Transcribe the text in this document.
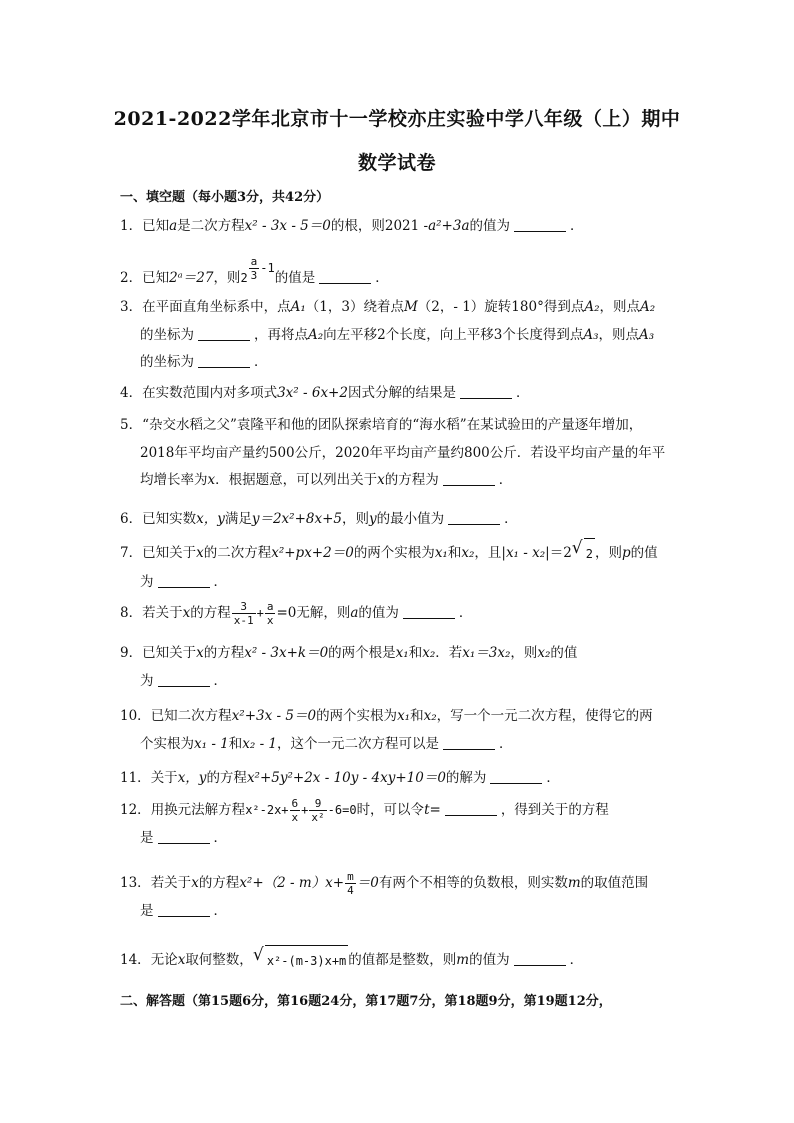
2021-2022学年北京市十一学校亦庄实验中学八年级（上）期中
数学试卷
一、填空题（每小题3分，共42分）
1．已知a是二次方程x² - 3x - 5＝0的根，则2021 -a²+3a的值为	．
2．已知2ᵃ＝27，则$2 \frac{a}{3} -1$的值是	．
3．在平面直角坐标系中，点A₁（1，3）绕着点M（2，- 1）旋转180°得到点A₂，则点A₂
的坐标为	，再将点A₂向左平移2个长度，向上平移3个长度得到点A₃，则点A₃
的坐标为	．
4．在实数范围内对多项式3x² - 6x+2因式分解的结果是	．
5．“杂交水稻之父”袁隆平和他的团队探索培育的“海水稻”在某试验田的产量逐年增加，
2018年平均亩产量约500公斤，2020年平均亩产量约800公斤．若设平均亩产量的年平
均增长率为x．根据题意，可以列出关于x的方程为	．
6．已知实数x，y满足y＝2x²+8x+5，则y的最小值为	．
7．已知关于x的二次方程x²+px+2＝0的两个实根为x₁和x₂，且|x₁ - x₂|＝2 √ 2 ，则p的值
为	．
8．若关于x的方程 $\frac{3}{x-1} + \frac{a}{x} =0$无解，则a的值为	．
9．已知关于x的方程x² - 3x+k＝0的两个根是x₁和x₂．若x₁＝3x₂，则x₂的值
为	．
10．已知二次方程x²+3x - 5＝0的两个实根为x₁和x₂，写一个一元二次方程，使得它的两
个实根为x₁ - 1和x₂ - 1，这个一元二次方程可以是	．
11．关于x，y的方程x²+5y²+2x - 10y - 4xy+10＝0的解为	．
12．用换元法解方程$x^2-2x+ \frac{6}{x} + \frac{9}{\text{x²}} -6=0$时，可以令t=	，得到关于的方程
是	．
13．若关于x的方程$x^2+(2 - m)x+ \frac{m}{4} =0$有两个不相等的负数根，则实数m的取值范围
是	．
14．无论x取何整数， √ x²-(m-3)x+m 的值都是整数，则m的值为	．
二、解答题（第15题6分，第16题24分，第17题7分，第18题9分，第19题12分，
